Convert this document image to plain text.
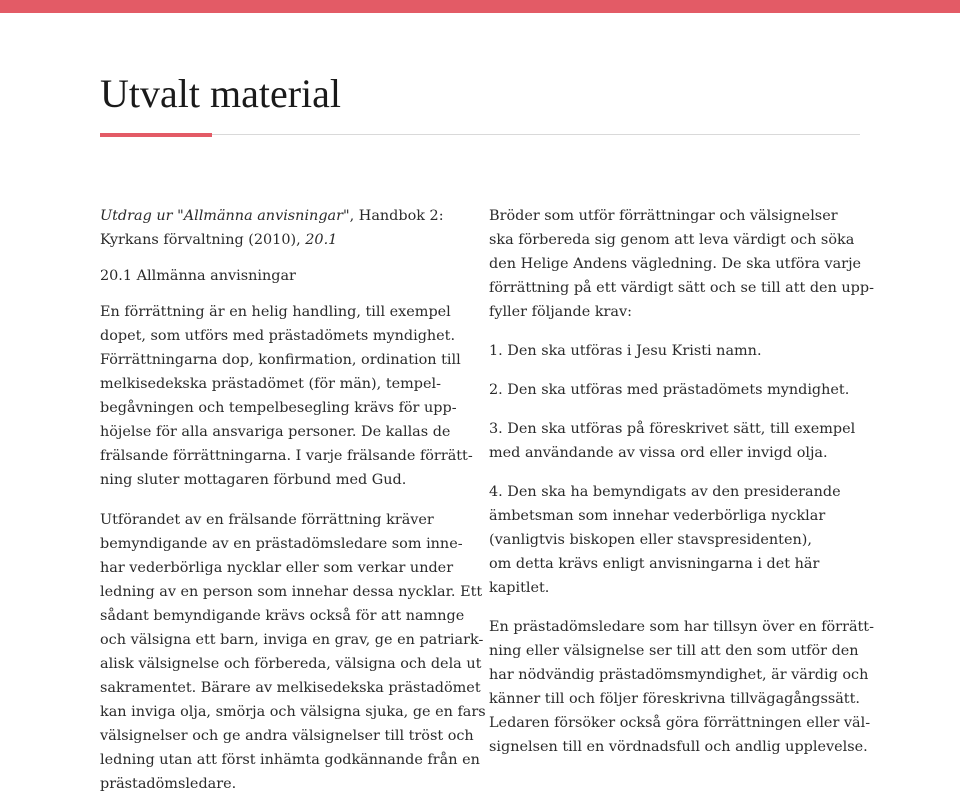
Utvalt material

Utdrag ur "Allmänna anvisningar", Handbok 2:
Kyrkans förvaltning (2010), 20.1

20.1 Allmänna anvisningar

En förrättning är en helig handling, till exempel
dopet, som utförs med prästadömets myndighet.
Förrättningarna dop, konfirmation, ordination till
melkisedekska prästadömet (för män), tempel-
begåvningen och tempelbesegling krävs för upp-
höjelse för alla ansvariga personer. De kallas de
frälsande förrättningarna. I varje frälsande förrätt-
ning sluter mottagaren förbund med Gud.

Utförandet av en frälsande förrättning kräver
bemyndigande av en prästadömsledare som inne-
har vederbörliga nycklar eller som verkar under
ledning av en person som innehar dessa nycklar. Ett
sådant bemyndigande krävs också för att namnge
och välsigna ett barn, inviga en grav, ge en patriark-
alisk välsignelse och förbereda, välsigna och dela ut
sakramentet. Bärare av melkisedekska prästadömet
kan inviga olja, smörja och välsigna sjuka, ge en fars
välsignelser och ge andra välsignelser till tröst och
ledning utan att först inhämta godkännande från en
prästadömsledare.

Bröder som utför förrättningar och välsignelser
ska förbereda sig genom att leva värdigt och söka
den Helige Andens vägledning. De ska utföra varje
förrättning på ett värdigt sätt och se till att den upp-
fyller följande krav:

1. Den ska utföras i Jesu Kristi namn.

2. Den ska utföras med prästadömets myndighet.

3. Den ska utföras på föreskrivet sätt, till exempel
med användande av vissa ord eller invigd olja.

4. Den ska ha bemyndigats av den presiderande
ämbetsman som innehar vederbörliga nycklar
(vanligtvis biskopen eller stavspresidenten),
om detta krävs enligt anvisningarna i det här
kapitlet.

En prästadömsledare som har tillsyn över en förrätt-
ning eller välsignelse ser till att den som utför den
har nödvändig prästadömsmyndighet, är värdig och
känner till och följer föreskrivna tillvägagångssätt.
Ledaren försöker också göra förrättningen eller väl-
signelsen till en vördnadsfull och andlig upplevelse.
